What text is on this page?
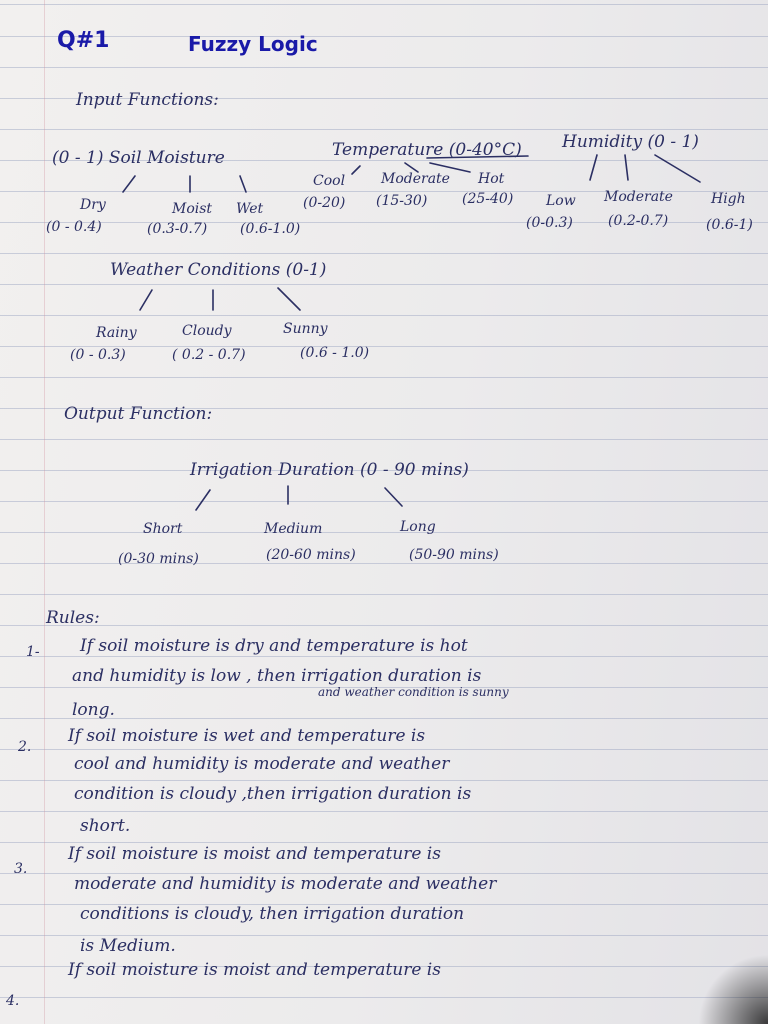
Q#1	Fuzzy Logic
Input Functions:
(0 - 1) Soil Moisture
Dry	Moist Wet
(0 - 0.4)	(0.3-0.7) (0.6-1.0)
Temperature (0-40°C)
Cool	Moderate Hot
(0-20) (15-30) (25-40)
Humidity (0 - 1)
Low Moderate	High
(0-0.3)	(0.2-0.7)	(0.6-1)
Weather Conditions (0-1)
Rainy	Cloudy	Sunny
(0 - 0.3)	( 0.2 - 0.7)	(0.6 - 1.0)
Output Function:
Irrigation Duration (0 - 90 mins)
Short	Medium	Long
(0-30 mins)	(20-60 mins)	(50-90 mins)
Rules:
1- If soil moisture is dry and temperature is hot
and humidity is low , then irrigation duration is
and weather condition is sunny
long.
2.
If soil moisture is wet and temperature is
cool and humidity is moderate and weather
condition is cloudy ,then irrigation duration is
short.
3.
If soil moisture is moist and temperature is
moderate and humidity is moderate and weather
conditions is cloudy, then irrigation duration
is Medium.
4.
If soil moisture is moist and temperature is
